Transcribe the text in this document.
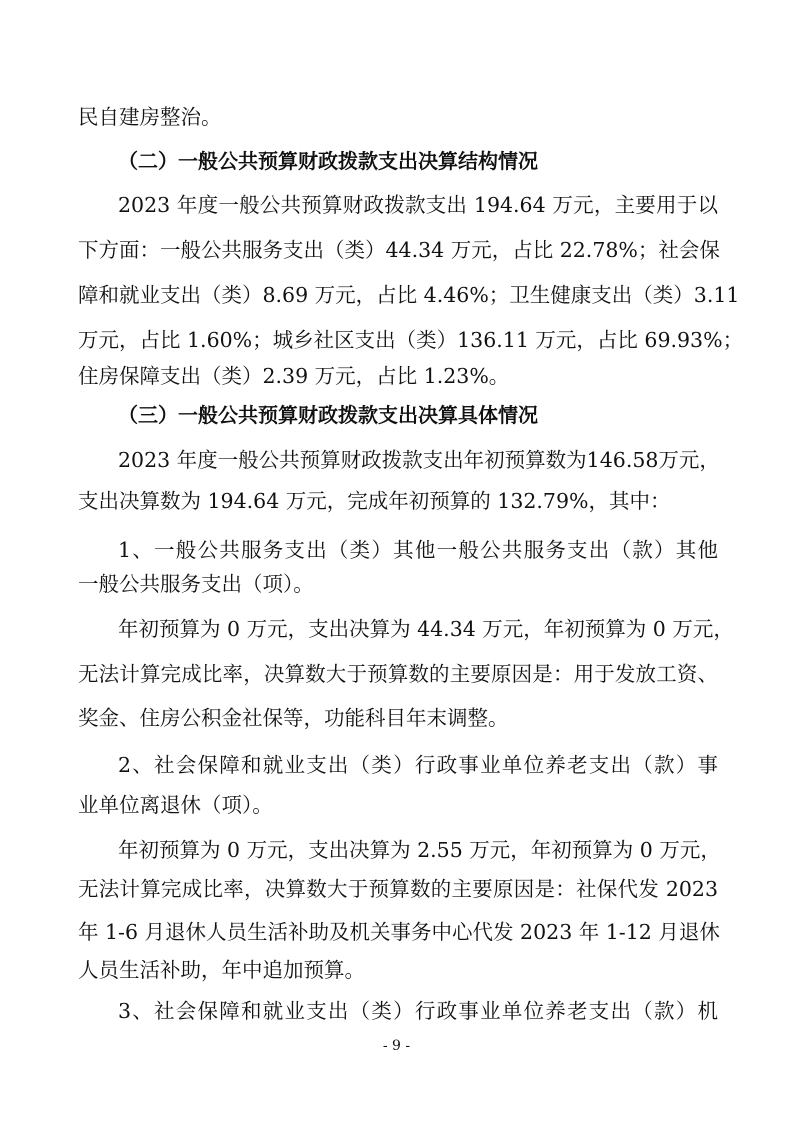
民自建房整治。
（二）一般公共预算财政拨款支出决算结构情况
2023 年度一般公共预算财政拨款支出 194.64 万元，主要用于以
下方面：一般公共服务支出（类）44.34 万元，占比 22.78%；社会保
障和就业支出（类）8.69 万元，占比 4.46%；卫生健康支出（类）3.11
万元，占比 1.60%；城乡社区支出（类）136.11 万元，占比 69.93%；
住房保障支出（类）2.39 万元，占比 1.23%。
（三）一般公共预算财政拨款支出决算具体情况
2023 年度一般公共预算财政拨款支出年初预算数为146.58万元，
支出决算数为 194.64 万元，完成年初预算的 132.79%，其中：
1、一般公共服务支出（类）其他一般公共服务支出（款）其他
一般公共服务支出（项）。
年初预算为 0 万元，支出决算为 44.34 万元，年初预算为 0 万元，
无法计算完成比率，决算数大于预算数的主要原因是：用于发放工资、
奖金、住房公积金社保等，功能科目年末调整。
2、社会保障和就业支出（类）行政事业单位养老支出（款）事
业单位离退休（项）。
年初预算为 0 万元，支出决算为 2.55 万元，年初预算为 0 万元，
无法计算完成比率，决算数大于预算数的主要原因是：社保代发 2023
年 1-6 月退休人员生活补助及机关事务中心代发 2023 年 1-12 月退休
人员生活补助，年中追加预算。
3、社会保障和就业支出（类）行政事业单位养老支出（款）机
- 9 -
